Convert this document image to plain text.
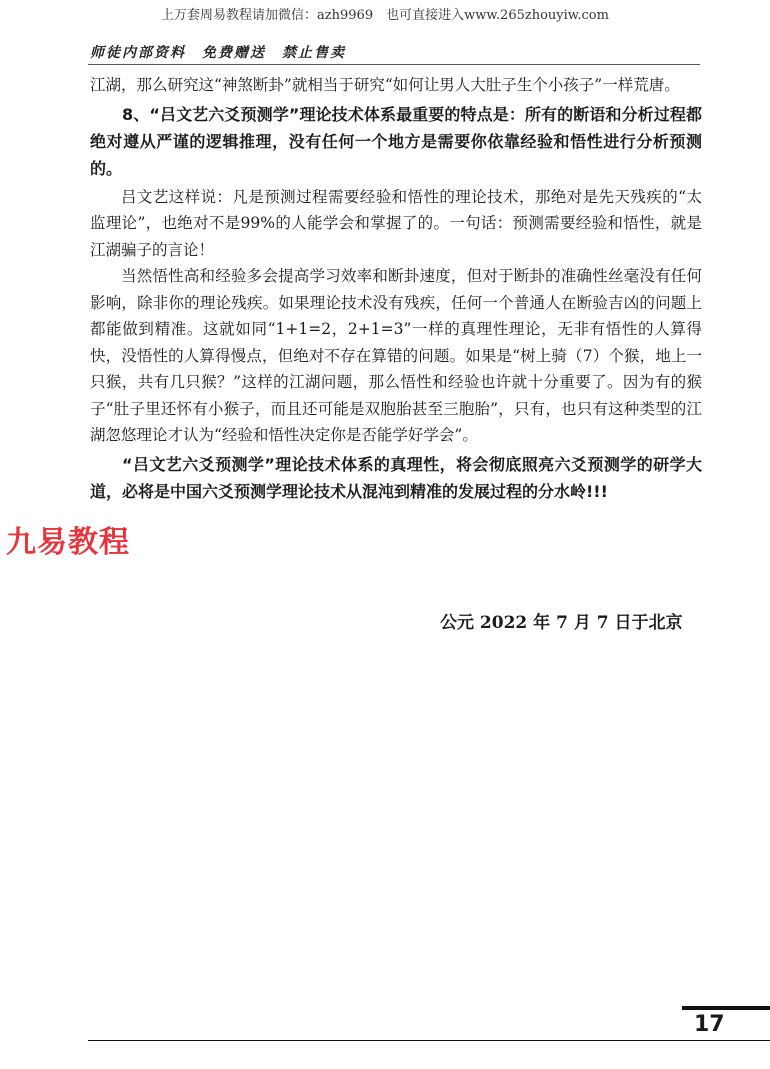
上万套周易教程请加微信：azh9969　也可直接进入www.265zhouyiw.com
师徒内部资料　免费赠送　禁止售卖

江湖，那么研究这“神煞断卦”就相当于研究“如何让男人大肚子生个小孩子”一样荒唐。

8、“吕文艺六爻预测学”理论技术体系最重要的特点是：所有的断语和分析过程都绝对遵从严谨的逻辑推理，没有任何一个地方是需要你依靠经验和悟性进行分析预测的。

吕文艺这样说：凡是预测过程需要经验和悟性的理论技术，那绝对是先天残疾的“太监理论”，也绝对不是99%的人能学会和掌握了的。一句话：预测需要经验和悟性，就是江湖骗子的言论！

当然悟性高和经验多会提高学习效率和断卦速度，但对于断卦的准确性丝毫没有任何影响，除非你的理论残疾。如果理论技术没有残疾，任何一个普通人在断验吉凶的问题上都能做到精准。这就如同“1+1=2，2+1=3”一样的真理性理论，无非有悟性的人算得快，没悟性的人算得慢点，但绝对不存在算错的问题。如果是“树上骑（7）个猴，地上一只猴，共有几只猴？”这样的江湖问题，那么悟性和经验也许就十分重要了。因为有的猴子“肚子里还怀有小猴子，而且还可能是双胞胎甚至三胞胎”，只有，也只有这种类型的江湖忽悠理论才认为“经验和悟性决定你是否能学好学会”。

“吕文艺六爻预测学”理论技术体系的真理性，将会彻底照亮六爻预测学的研学大道，必将是中国六爻预测学理论技术从混沌到精准的发展过程的分水岭!!!

九易教程
公元 2022 年 7 月 7 日于北京
17
